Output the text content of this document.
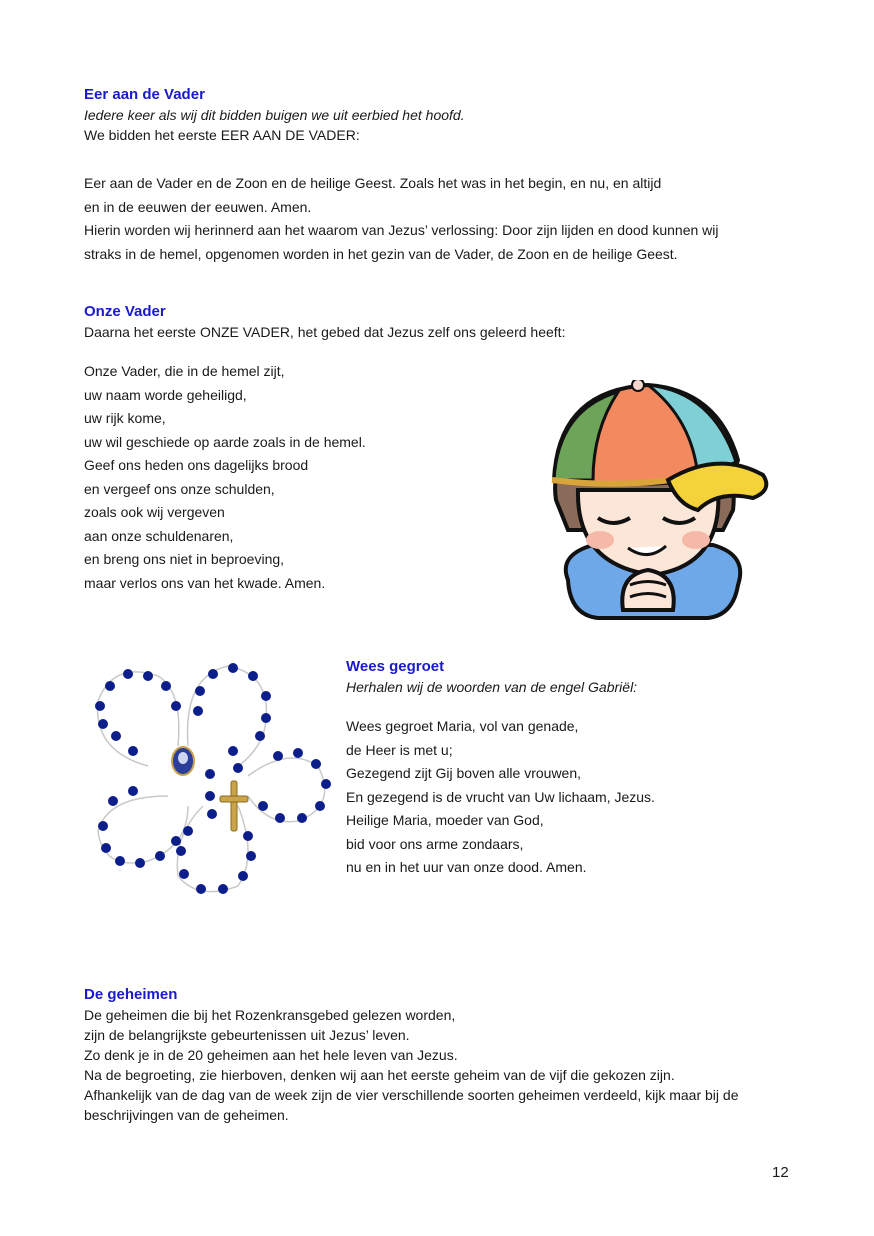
Eer aan de Vader
Iedere keer als wij dit bidden buigen we uit eerbied het hoofd.
We bidden het eerste EER AAN DE VADER:
Eer aan de Vader en de Zoon en de heilige Geest. Zoals het was in het begin, en nu, en altijd
en in de eeuwen der eeuwen. Amen.
Hierin worden wij herinnerd aan het waarom van Jezus’ verlossing: Door zijn lijden en dood kunnen wij
straks in de hemel, opgenomen worden in het gezin van de Vader, de Zoon en de heilige Geest.
Onze Vader
Daarna het eerste ONZE VADER, het gebed dat Jezus zelf ons geleerd heeft:
Onze Vader, die in de hemel zijt,
uw naam worde geheiligd,
uw rijk kome,
uw wil geschiede op aarde zoals in de hemel.
Geef ons heden ons dagelijks brood
en vergeef ons onze schulden,
zoals ook wij vergeven
aan onze schuldenaren,
en breng ons niet in beproeving,
maar verlos ons van het kwade. Amen.
Wees gegroet
Herhalen wij de woorden van de engel Gabriël:
Wees gegroet Maria, vol van genade,
de Heer is met u;
Gezegend zijt Gij boven alle vrouwen,
En gezegend is de vrucht van Uw lichaam, Jezus.
Heilige Maria, moeder van God,
bid voor ons arme zondaars,
nu en in het uur van onze dood. Amen.
De geheimen
De geheimen die bij het Rozenkransgebed gelezen worden,
zijn de belangrijkste gebeurtenissen uit Jezus’ leven.
Zo denk je in de 20 geheimen aan het hele leven van Jezus.
Na de begroeting, zie hierboven, denken wij aan het eerste geheim van de vijf die gekozen zijn.
Afhankelijk van de dag van de week zijn de vier verschillende soorten geheimen verdeeld, kijk maar bij de
beschrijvingen van de geheimen.
12
